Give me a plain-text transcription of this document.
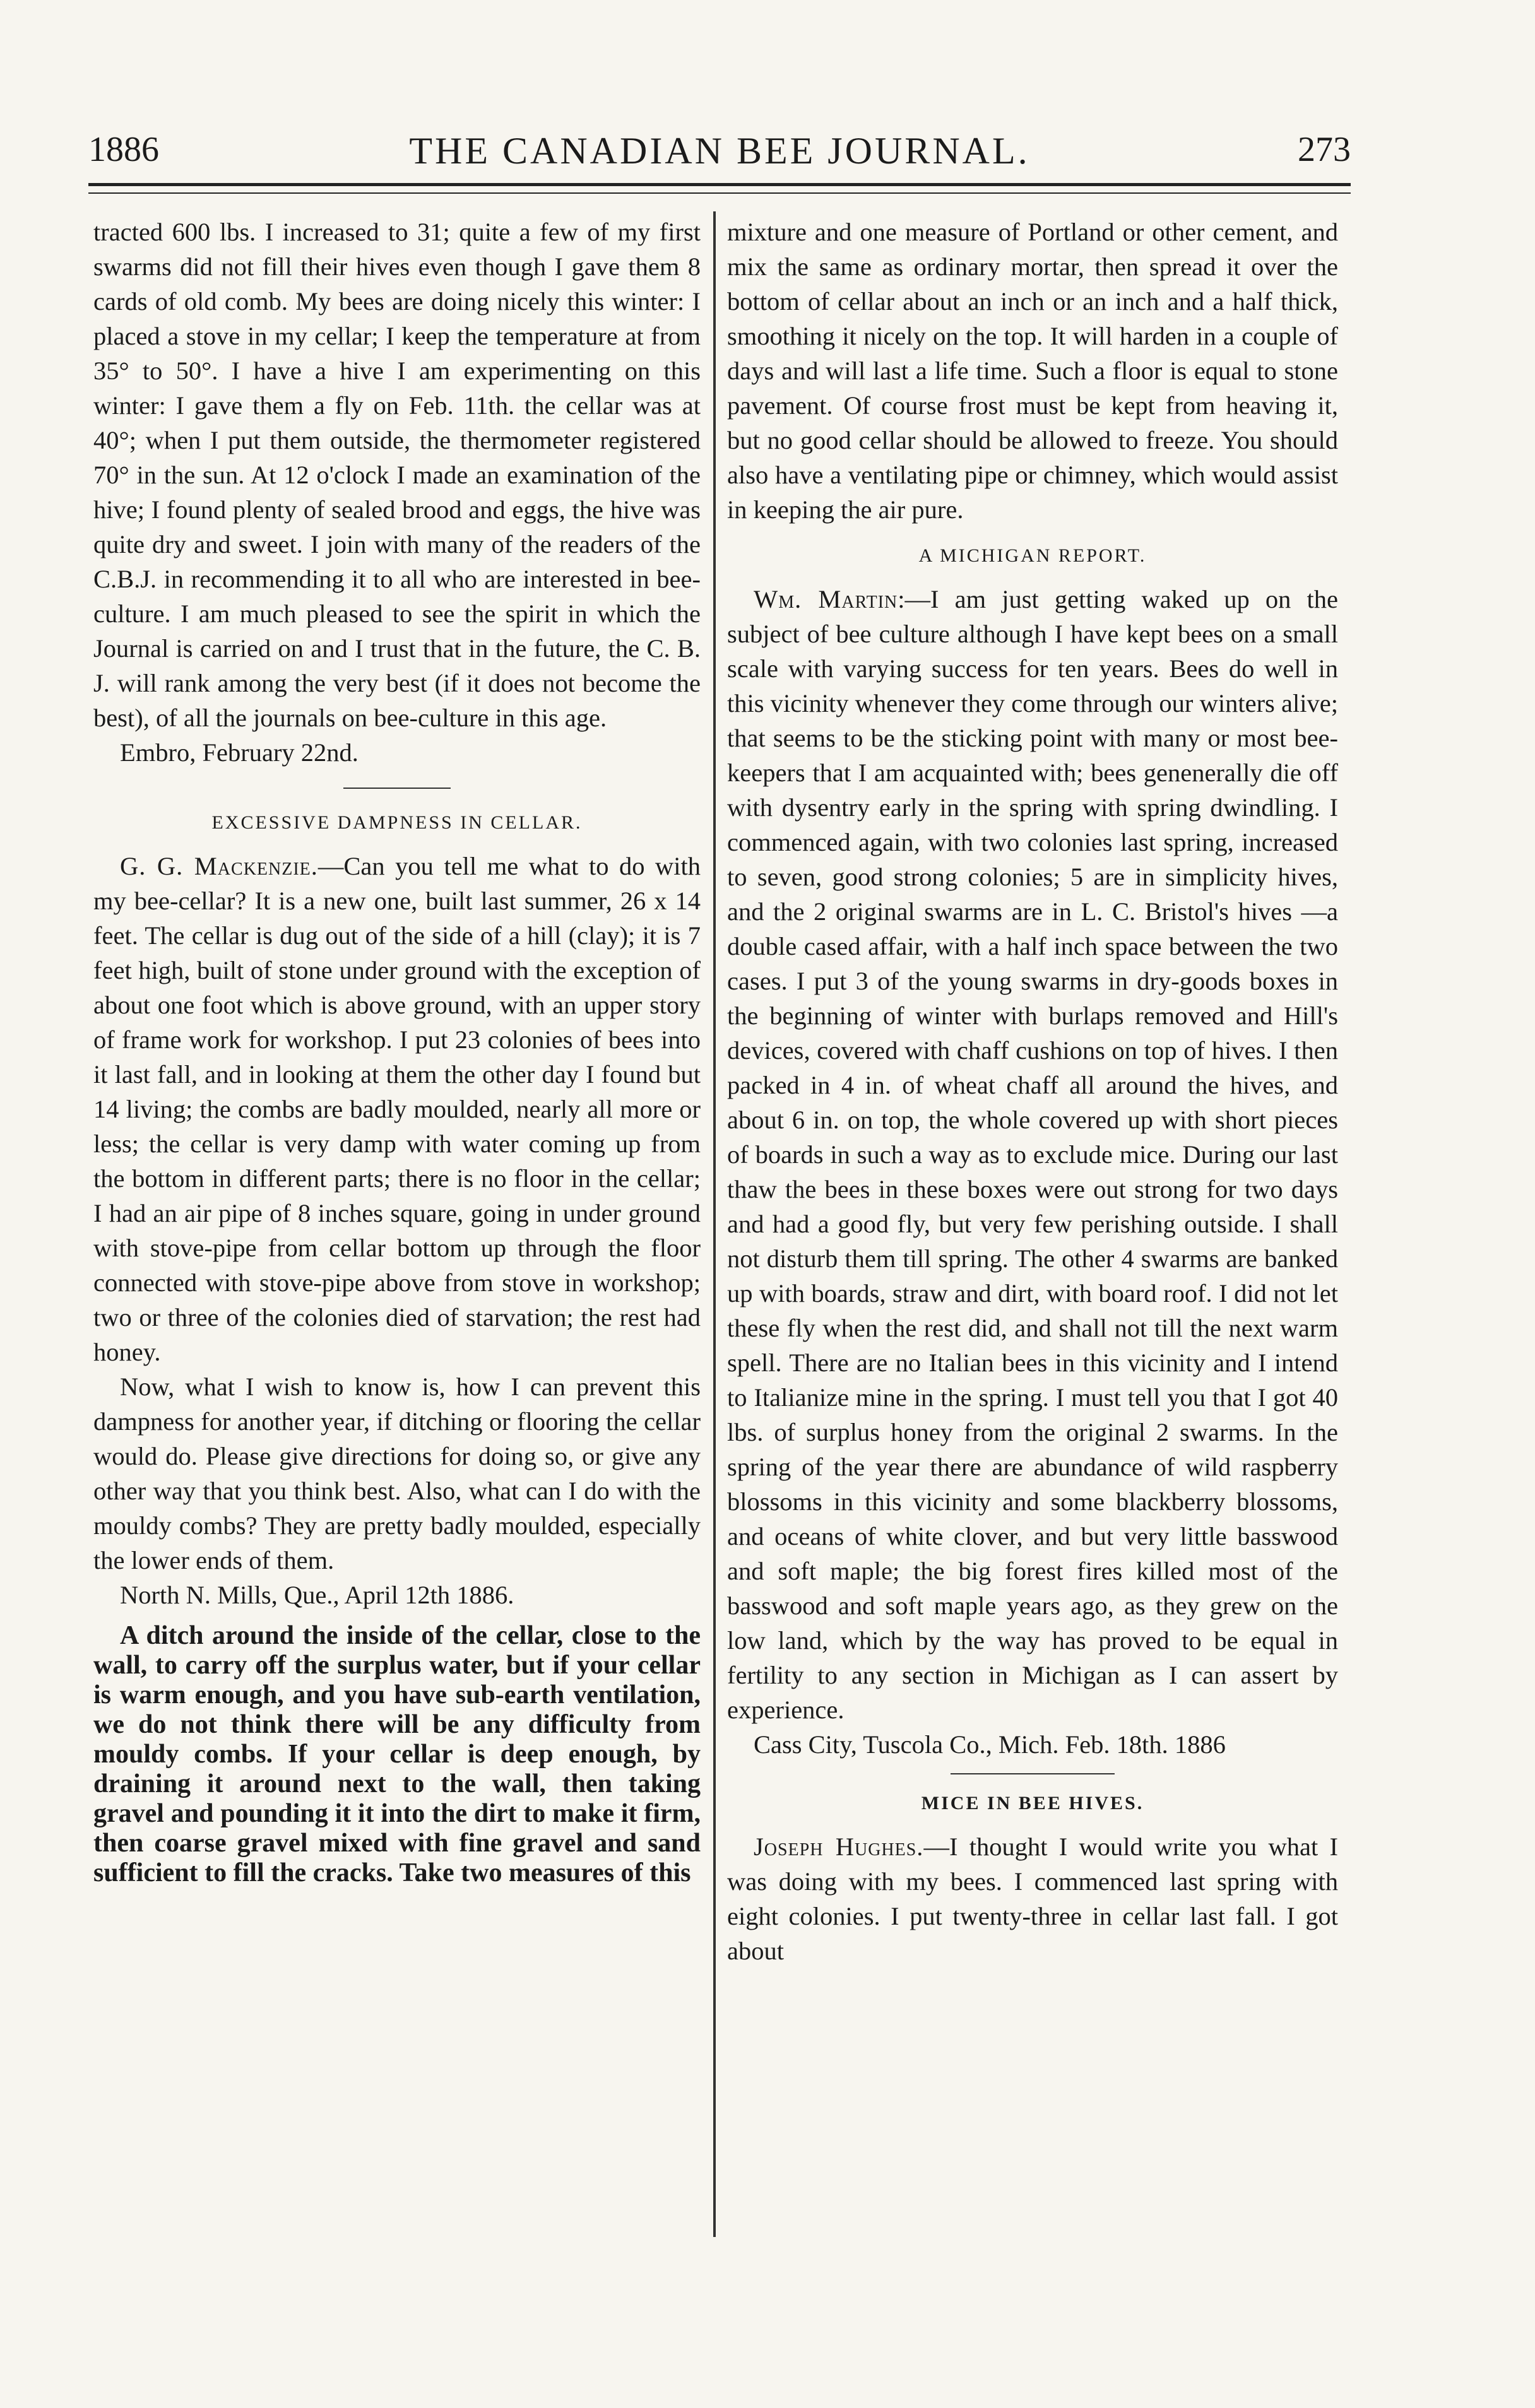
1886	THE CANADIAN BEE JOURNAL.	273

tracted 600 lbs. I increased to 31; quite a few of my first swarms did not fill their hives even though I gave them 8 cards of old comb. My bees are doing nicely this winter: I placed a stove in my cellar; I keep the temperature at from 35° to 50°. I have a hive I am experimenting on this winter: I gave them a fly on Feb. 11th. the cellar was at 40°; when I put them outside, the thermometer registered 70° in the sun. At 12 o'clock I made an examination of the hive; I found plenty of sealed brood and eggs, the hive was quite dry and sweet. I join with many of the readers of the C.B.J. in recommending it to all who are interested in bee-culture. I am much pleased to see the spirit in which the Journal is carried on and I trust that in the future, the C. B. J. will rank among the very best (if it does not become the best), of all the journals on bee-culture in this age.

Embro, February 22nd.

EXCESSIVE DAMPNESS IN CELLAR.

G. G. Mackenzie.—Can you tell me what to do with my bee-cellar? It is a new one, built last summer, 26 x 14 feet. The cellar is dug out of the side of a hill (clay); it is 7 feet high, built of stone under ground with the exception of about one foot which is above ground, with an upper story of frame work for workshop. I put 23 colonies of bees into it last fall, and in looking at them the other day I found but 14 living; the combs are badly moulded, nearly all more or less; the cellar is very damp with water coming up from the bottom in different parts; there is no floor in the cellar; I had an air pipe of 8 inches square, going in under ground with stove-pipe from cellar bottom up through the floor connected with stove-pipe above from stove in workshop; two or three of the colonies died of starvation; the rest had honey.

Now, what I wish to know is, how I can prevent this dampness for another year, if ditching or flooring the cellar would do. Please give directions for doing so, or give any other way that you think best. Also, what can I do with the mouldy combs? They are pretty badly moulded, especially the lower ends of them.

North N. Mills, Que., April 12th 1886.

A ditch around the inside of the cellar, close to the wall, to carry off the surplus water, but if your cellar is warm enough, and you have sub-earth ventilation, we do not think there will be any difficulty from mouldy combs. If your cellar is deep enough, by draining it around next to the wall, then taking gravel and pounding it it into the dirt to make it firm, then coarse gravel mixed with fine gravel and sand sufficient to fill the cracks. Take two measures of this

mixture and one measure of Portland or other cement, and mix the same as ordinary mortar, then spread it over the bottom of cellar about an inch or an inch and a half thick, smoothing it nicely on the top. It will harden in a couple of days and will last a life time. Such a floor is equal to stone pavement. Of course frost must be kept from heaving it, but no good cellar should be allowed to freeze. You should also have a ventilating pipe or chimney, which would assist in keeping the air pure.

A MICHIGAN REPORT.

Wm. Martin:—I am just getting waked up on the subject of bee culture although I have kept bees on a small scale with varying success for ten years. Bees do well in this vicinity whenever they come through our winters alive; that seems to be the sticking point with many or most bee-keepers that I am acquainted with; bees genenerally die off with dysentry early in the spring with spring dwindling. I commenced again, with two colonies last spring, increased to seven, good strong colonies; 5 are in simplicity hives, and the 2 original swarms are in L. C. Bristol's hives —a double cased affair, with a half inch space between the two cases. I put 3 of the young swarms in dry-goods boxes in the beginning of winter with burlaps removed and Hill's devices, covered with chaff cushions on top of hives. I then packed in 4 in. of wheat chaff all around the hives, and about 6 in. on top, the whole covered up with short pieces of boards in such a way as to exclude mice. During our last thaw the bees in these boxes were out strong for two days and had a good fly, but very few perishing outside. I shall not disturb them till spring. The other 4 swarms are banked up with boards, straw and dirt, with board roof. I did not let these fly when the rest did, and shall not till the next warm spell. There are no Italian bees in this vicinity and I intend to Italianize mine in the spring. I must tell you that I got 40 lbs. of surplus honey from the original 2 swarms. In the spring of the year there are abundance of wild raspberry blossoms in this vicinity and some blackberry blossoms, and oceans of white clover, and but very little basswood and soft maple; the big forest fires killed most of the basswood and soft maple years ago, as they grew on the low land, which by the way has proved to be equal in fertility to any section in Michigan as I can assert by experience.

Cass City, Tuscola Co., Mich. Feb. 18th. 1886

MICE IN BEE HIVES.

Joseph Hughes.—I thought I would write you what I was doing with my bees. I commenced last spring with eight colonies. I put twenty-three in cellar last fall. I got about
